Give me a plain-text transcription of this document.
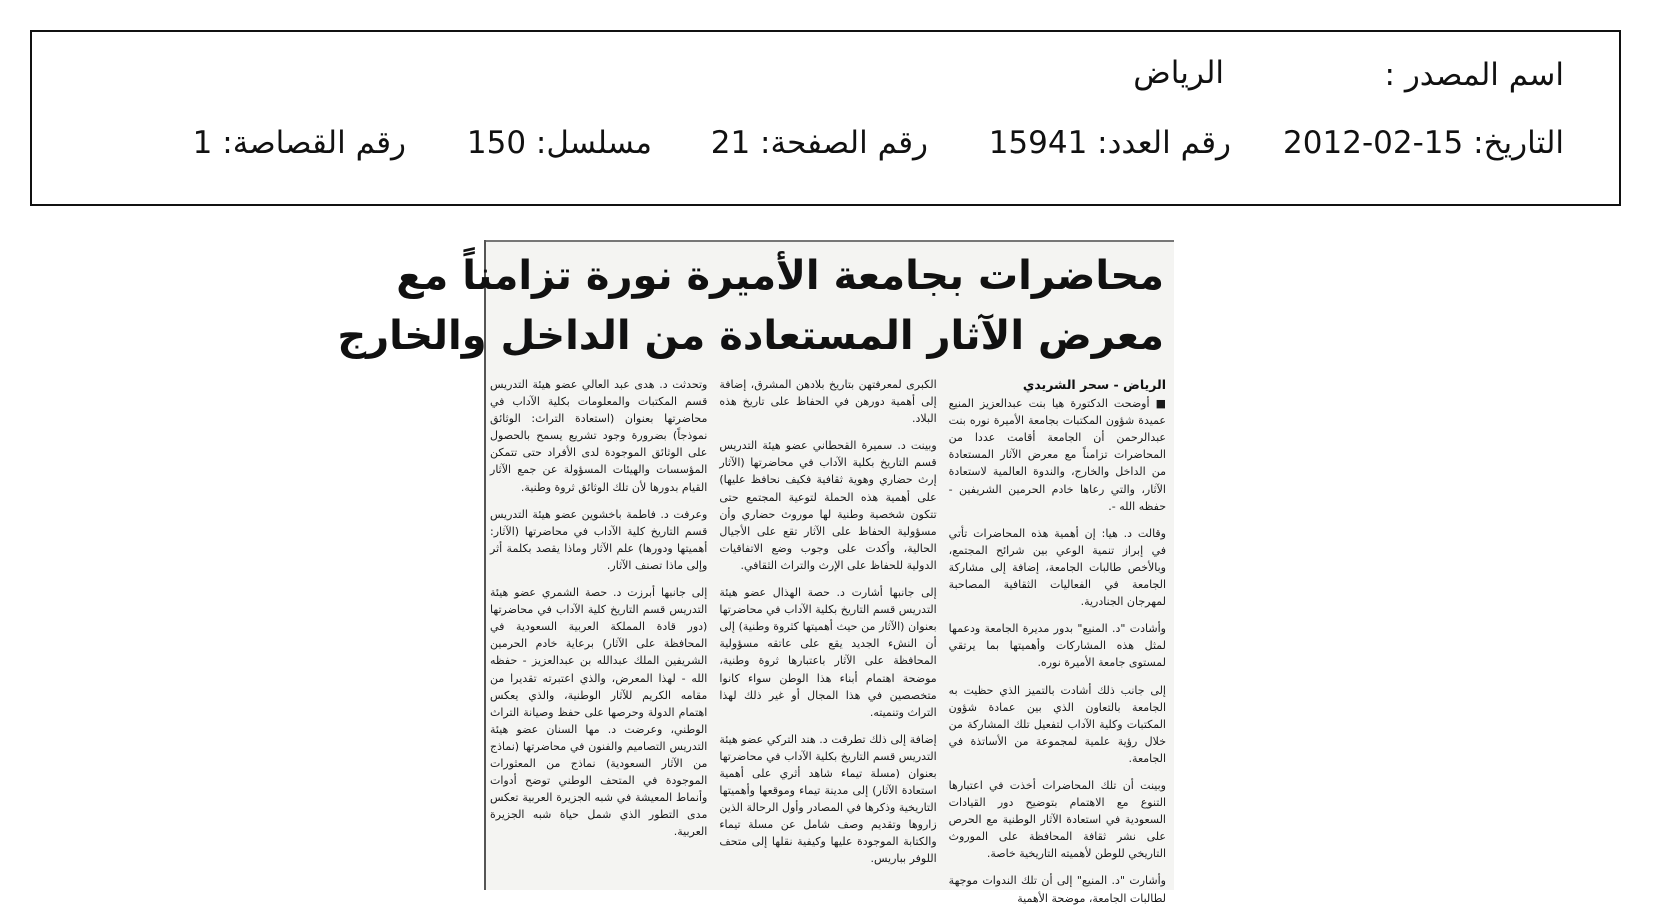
اسم المصدر :
الرياض
التاريخ: 15-02-2012
رقم العدد: 15941
رقم الصفحة: 21
مسلسل: 150
رقم القصاصة: 1
محاضرات بجامعة الأميرة نورة تزامناً مع
معرض الآثار المستعادة من الداخل والخارج
الرياض - سحر الشريدي

■ أوضحت الدكتورة هيا بنت عبدالعزيز المنيع عميدة شؤون المكتبات بجامعة الأميرة نوره بنت عبدالرحمن أن الجامعة أقامت عددا من المحاضرات تزامناً مع معرض الآثار المستعادة من الداخل والخارج، والندوة العالمية لاستعادة الآثار، والتي رعاها خادم الحرمين الشريفين - حفظه الله -.

وقالت د. هيا: إن أهمية هذه المحاضرات تأتي في إبراز تنمية الوعي بين شرائح المجتمع، وبالأخص طالبات الجامعة، إضافة إلى مشاركة الجامعة في الفعاليات الثقافية المصاحبة لمهرجان الجنادرية.

وأشادت "د. المنيع" بدور مديرة الجامعة ودعمها لمثل هذه المشاركات وأهميتها بما يرتقي لمستوى جامعة الأميرة نوره.

إلى جانب ذلك أشادت بالتميز الذي حظيت به الجامعة بالتعاون الذي بين عمادة شؤون المكتبات وكلية الآداب لتفعيل تلك المشاركة من خلال رؤية علمية لمجموعة من الأساتذة في الجامعة.

وبينت أن تلك المحاضرات أخذت في اعتبارها التنوع مع الاهتمام بتوضيح دور القيادات السعودية في استعادة الآثار الوطنية مع الحرص على نشر ثقافة المحافظة على الموروث التاريخي للوطن لأهميته التاريخية خاصة.

وأشارت "د. المنيع" إلى أن تلك الندوات موجهة لطالبات الجامعة، موضحة الأهمية

الكبرى لمعرفتهن بتاريخ بلادهن المشرق، إضافة إلى أهمية دورهن في الحفاظ على تاريخ هذه البلاد.

وبينت د. سميرة القحطاني عضو هيئة التدريس قسم التاريخ بكلية الآداب في محاضرتها (الآثار إرث حضاري وهوية ثقافية فكيف نحافظ عليها) على أهمية هذه الحملة لتوعية المجتمع حتى تتكون شخصية وطنية لها موروث حضاري وأن مسؤولية الحفاظ على الآثار تقع على الأجيال الحالية، وأكدت على وجوب وضع الاتفاقيات الدولية للحفاظ على الإرث والتراث الثقافي.

إلى جانبها أشارت د. حصة الهذال عضو هيئة التدريس قسم التاريخ بكلية الآداب في محاضرتها بعنوان (الآثار من حيث أهميتها كثروة وطنية) إلى أن النشء الجديد يقع على عاتقه مسؤولية المحافظة على الآثار باعتبارها ثروة وطنية، موضحة اهتمام أبناء هذا الوطن سواء كانوا متخصصين في هذا المجال أو غير ذلك لهذا التراث وتنميته.

إضافة إلى ذلك تطرقت د. هند التركي عضو هيئة التدريس قسم التاريخ بكلية الآداب في محاضرتها بعنوان (مسلة تيماء شاهد أثري على أهمية استعادة الآثار) إلى مدينة تيماء وموقعها وأهميتها التاريخية وذكرها في المصادر وأول الرحالة الذين زاروها وتقديم وصف شامل عن مسلة تيماء والكتابة الموجودة عليها وكيفية نقلها إلى متحف اللوفر بباريس.

وتحدثت د. هدى عبد العالي عضو هيئة التدريس قسم المكتبات والمعلومات بكلية الآداب في محاضرتها بعنوان (استعادة التراث: الوثائق نموذجاً) بضرورة وجود تشريع يسمح بالحصول على الوثائق الموجودة لدى الأفراد حتى تتمكن المؤسسات والهيئات المسؤولة عن جمع الآثار القيام بدورها لأن تلك الوثائق ثروة وطنية.

وعرفت د. فاطمة باخشوين عضو هيئة التدريس قسم التاريخ كلية الآداب في محاضرتها (الآثار: أهميتها ودورها) علم الآثار وماذا يقصد بكلمة أثر وإلى ماذا تصنف الآثار.

إلى جانبها أبرزت د. حصة الشمري عضو هيئة التدريس قسم التاريخ كلية الآداب في محاضرتها (دور قادة المملكة العربية السعودية في المحافظة على الآثار) برعاية خادم الحرمين الشريفين الملك عبدالله بن عبدالعزيز - حفظه الله - لهذا المعرض، والذي اعتبرته تقديرا من مقامه الكريم للآثار الوطنية، والذي يعكس اهتمام الدولة وحرصها على حفظ وصيانة التراث الوطني، وعرضت د. مها السنان عضو هيئة التدريس التصاميم والفنون في محاضرتها (نماذج من الآثار السعودية) نماذج من المعثورات الموجودة في المتحف الوطني توضح أدوات وأنماط المعيشة في شبه الجزيرة العربية تعكس مدى التطور الذي شمل حياة شبه الجزيرة العربية.
